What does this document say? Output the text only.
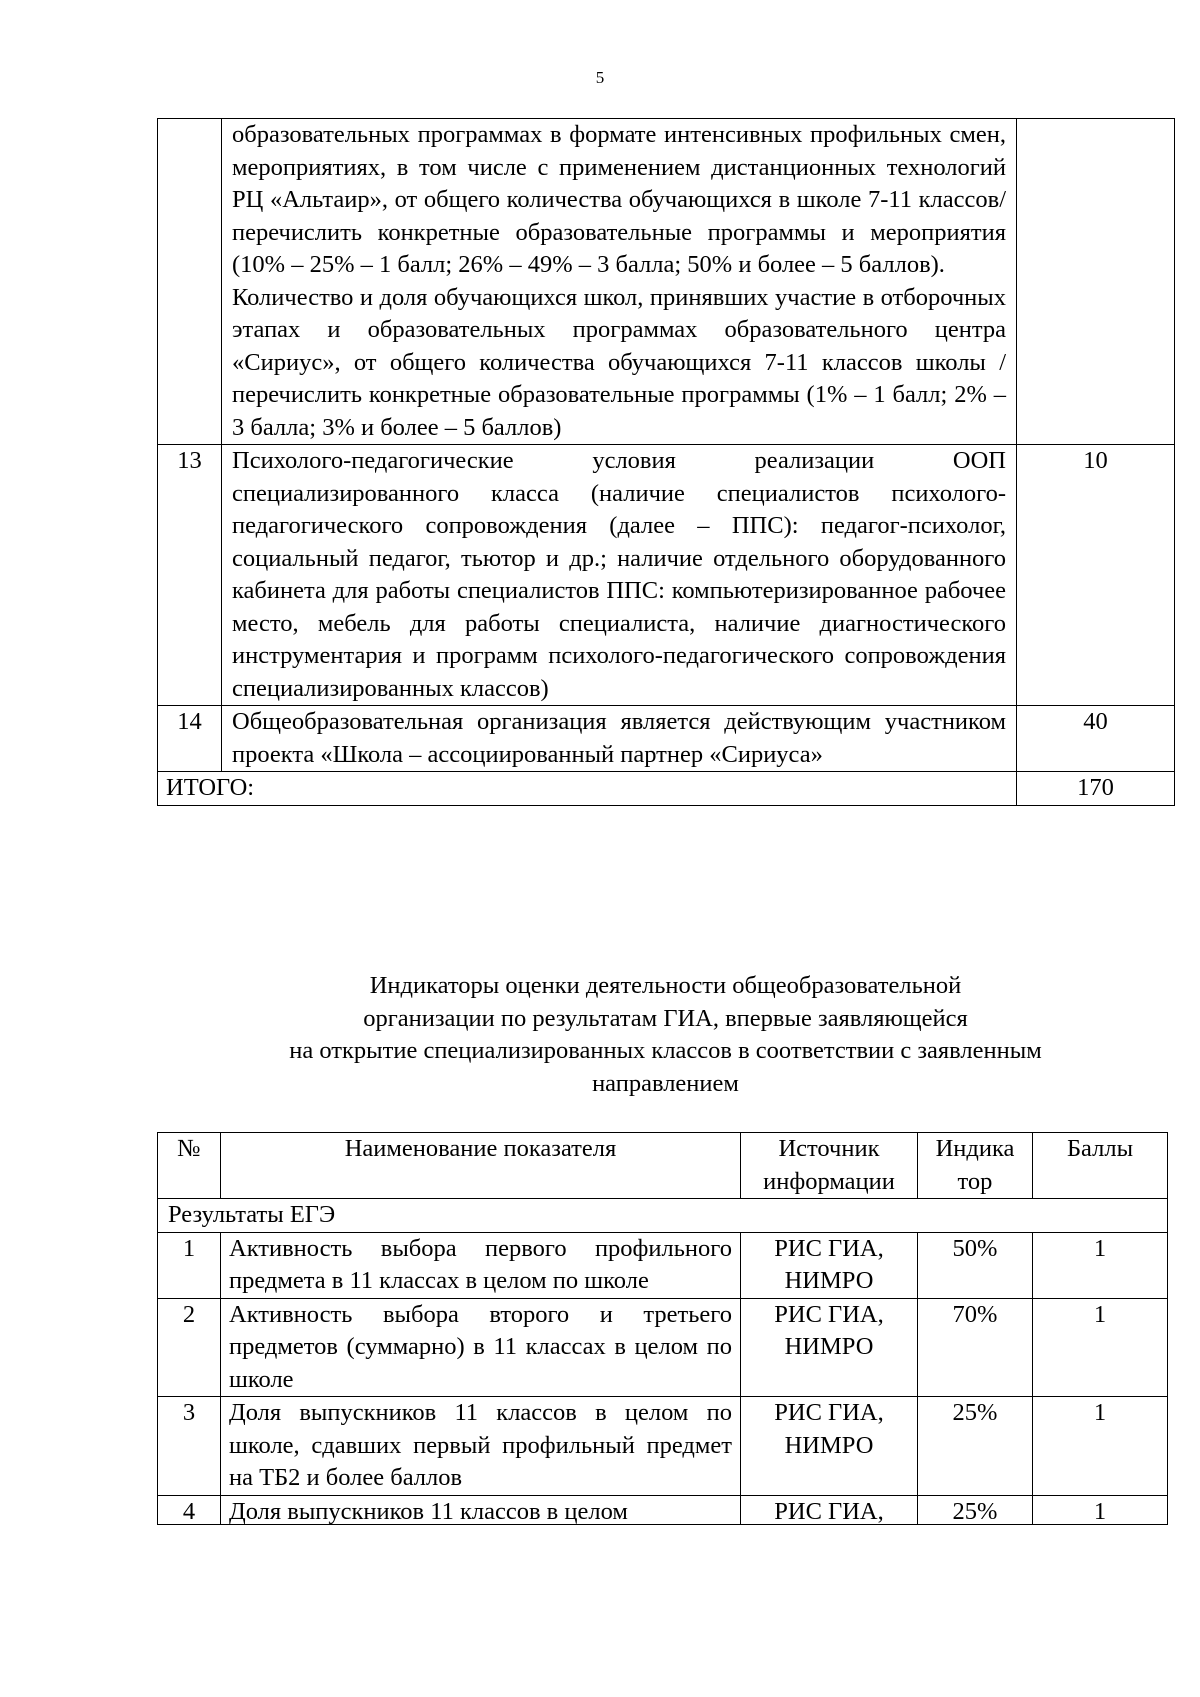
5

	образовательных программах в формате интенсивных профильных смен, мероприятиях, в том числе с применением дистанционных технологий РЦ «Альтаир», от общего количества обучающихся в школе 7-11 классов/перечислить конкретные образовательные программы и мероприятия (10% – 25% – 1 балл; 26% – 49% – 3 балла; 50% и более – 5 баллов).
Количество и доля обучающихся школ, принявших участие в отборочных этапах и образовательных программах образовательного центра «Сириус», от общего количества обучающихся 7-11 классов школы /перечислить конкретные образовательные программы (1% – 1 балл; 2% – 3 балла; 3% и более – 5 баллов)	

13	Психолого-педагогические условия реализации ООП специализированного класса (наличие специалистов психолого-педагогического сопровождения (далее – ППС): педагог-психолог, социальный педагог, тьютор и др.; наличие отдельного оборудованного кабинета для работы специалистов ППС: компьютеризированное рабочее место, мебель для работы специалиста, наличие диагностического инструментария и программ психолого-педагогического сопровождения специализированных классов)	10
14	Общеобразовательная организация является действующим участником проекта «Школа – ассоциированный партнер «Сириуса»	40
ИТОГО:		170
Индикаторы оценки деятельности общеобразовательной
организации по результатам ГИА, впервые заявляющейся
на открытие специализированных классов в соответствии с заявленным
направлением
№	Наименование показателя	Источник информации	Индика тор	Баллы
Результаты ЕГЭ				
1	Активность выбора первого профильного предмета в 11 классах в целом по школе	РИС ГИА, НИМРО	50%	1
2	Активность выбора второго и третьего предметов (суммарно) в 11 классах в целом по школе	РИС ГИА, НИМРО	70%	1
3	Доля выпускников 11 классов в целом по школе, сдавших первый профильный предмет на ТБ2 и более баллов	РИС ГИА, НИМРО	25%	1

4	Доля выпускников 11 классов в целом	РИС ГИА,	25%	1
